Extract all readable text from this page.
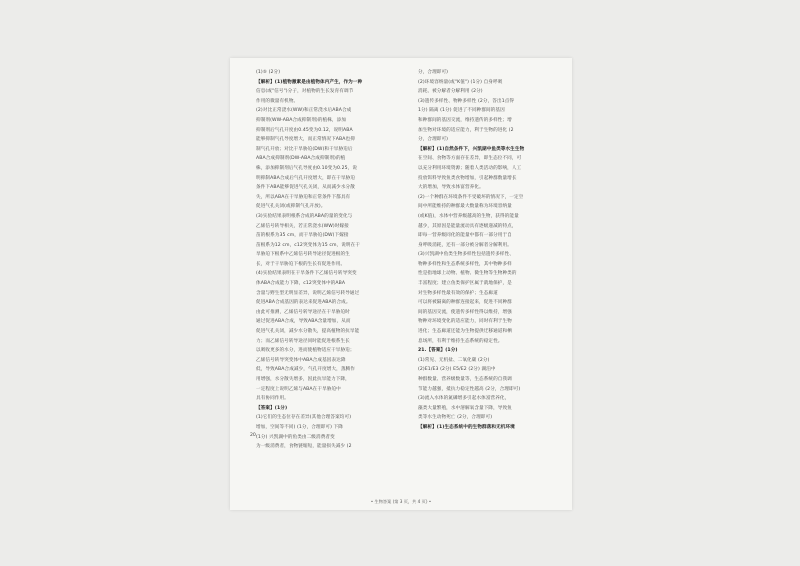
(1)⑤ (2分)
【解析】(1)植物激素是由植物体内产生，作为一种
信息(或"信号")分子，对植物的生长发育有调节
作用的微量有机物。
(2)对比正常浇水(WW)和正常浇水后ABA合成
抑制剂(WW-ABA合成抑制剂)的植株，添加
抑制剂后气孔开度由0.45变为0.12，说明ABA
能够抑制气孔导度增大，而正常情况下ABA也抑
制气孔开放；对比干旱胁迫(DW)和干旱胁迫后
ABA合成抑制剂(DW-ABA合成抑制剂)的植
株，添加抑制剂后气孔导度由0.10变为0.25，说
明抑制ABA合成后气孔开度增大，即在干旱胁迫
条件下ABA能够促进气孔关闭，从而减少水分散
失，所以ABA在干旱胁迫和正常条件下都具有
促进气孔关闭(或抑制气孔开放)。
(3)实验结果表明根系合成的ABA的量的变化与
乙烯信号转导相关，若正常浇水(WW)时嫁接
苗的根系为35 cm，而干旱胁迫(DW)下嫁接
苗根系为12 cm，c12突变体为15 cm，说明在干
旱胁迫下根系中乙烯信号转导途径促进根的生
长，对于干旱胁迫下根的生长有促进作用。
(4)实验结果表明在干旱条件下乙烯信号转导突变
体ABA合成能力下降，c12突变体中的ABA
含量与野生型无明显差异，说明乙烯信号转导通过
促进ABA合成基因的表达来促进ABA的合成。
由此可推测，乙烯信号转导途径在干旱胁迫时
通过促进ABA合成，导致ABA含量增加，从而
促进气孔关闭，减少水分散失，提高植物的抗旱能
力；而乙烯信号转导途径同时能促进根系生长
以吸收更多的水分，进而使植物适应干旱胁迫；
乙烯信号转导突变体中ABA合成基因表达降
低，导致ABA合成减少，气孔开度增大，蒸腾作
用增强，水分散失增多，因此抗旱能力下降，
一定程度上说明乙烯与ABA在干旱胁迫中
具有协同作用。
【答案】(1分)
(1)它们的生态位存在差异(其他合理答案均可)
增加，空间等不同) (1分，合理即可) 下降
(1分) 兴凯湖中的鱼类由二级消费者变
为一级消费者，食物链缩短，能量损失减少 (2
分，合理即可)
(2)环境容纳量(或"K值") (1分) 自身呼吸
消耗、被分解者分解利用 (2分)
(3)遗传多样性、物种多样性 (2分，答出1点得
1分) 隔离 (1分) 促进了不同种群间的基因
和种群间的基因交流，维持遗传的多样性；增
加生物对环境的适应能力，利于生物的进化 (2
分，合理即可)
【解析】(1)自然条件下，兴凯湖中鱼类等水生生物
在空间、食物等方面存在差异，即生态位不同，可
以充分利用环境资源；随着人类活动的影响，人工
投放饵料导致鱼类食物增加，引起种群数量增长
大的增加，导致水体富营养化。
(2)一个种群在环境条件不受破坏的情况下，一定空
间中所能维持的种群最大数量称为环境容纳量
(或K值)，水体中营养级越高的生物，获得的能量
越少，其原因是能量流动具有逐级递减的特点，
即每一营养级同化的能量中都有一部分用于自
身呼吸消耗，还有一部分被分解者分解利用。
(3)兴凯湖中鱼类生物多样性包括遗传多样性、
物种多样性和生态系统多样性，其中物种多样
性是指地球上动物、植物、微生物等生物种类的
丰富程度；建立鱼类保护区属于就地保护，是
对生物多样性最有效的保护；生态廊道
可以将被隔离的种群连接起来，促进不同种群
间的基因交流，使遗传多样性得以维持，增强
物种对环境变化的适应能力，同时有利于生物
进化；生态廊道还能为生物提供迁移通道和栖
息场所，有利于维持生态系统的稳定性。
21.【答案】(1分)
(1)常见、无机盐、二氧化碳 (2分)
(2)E1/E3 (2分) E5/E2 (2分) 湖泊中
种群数量、营养级数量等，生态系统的自我调
节能力越强，抵抗力稳定性越高 (2分，合理即可)
(3)流入水体的氮磷增多引起水体富营养化，
藻类大量繁殖，水中溶解氧含量下降，导致鱼
类等水生动物死亡 (2分，合理即可)
【解析】(1)生态系统中的生物群落和无机环境
20.
• 生物答案 (第 3 页，共 4 页) •
